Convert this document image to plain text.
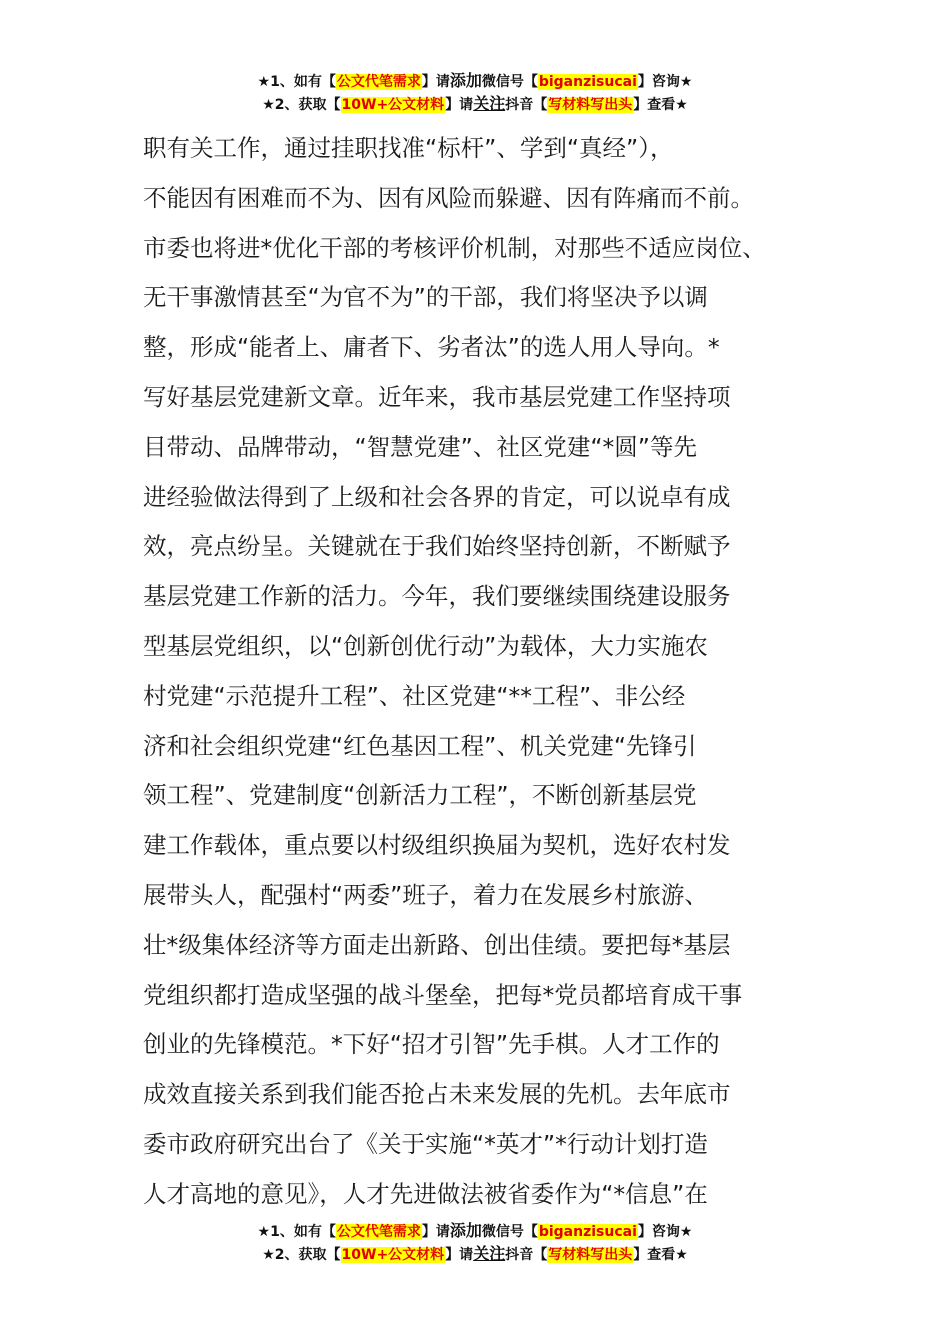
★1、如有【公文代笔需求】请添加微信号【biganzisucai】咨询★
★2、获取【10W+公文材料】请关注抖音【写材料写出头】查看★
职有关工作，通过挂职找准“标杆”、学到“真经”），
不能因有困难而不为、因有风险而躲避、因有阵痛而不前。
市委也将进*优化干部的考核评价机制，对那些不适应岗位、
无干事激情甚至“为官不为”的干部，我们将坚决予以调
整，形成“能者上、庸者下、劣者汰”的选人用人导向。*
写好基层党建新文章。近年来，我市基层党建工作坚持项
目带动、品牌带动，“智慧党建”、社区党建“*圆”等先
进经验做法得到了上级和社会各界的肯定，可以说卓有成
效，亮点纷呈。关键就在于我们始终坚持创新，不断赋予
基层党建工作新的活力。今年，我们要继续围绕建设服务
型基层党组织，以“创新创优行动”为载体，大力实施农
村党建“示范提升工程”、社区党建“**工程”、非公经
济和社会组织党建“红色基因工程”、机关党建“先锋引
领工程”、党建制度“创新活力工程”，不断创新基层党
建工作载体，重点要以村级组织换届为契机，选好农村发
展带头人，配强村“两委”班子，着力在发展乡村旅游、
壮*级集体经济等方面走出新路、创出佳绩。要把每*基层
党组织都打造成坚强的战斗堡垒，把每*党员都培育成干事
创业的先锋模范。*下好“招才引智”先手棋。人才工作的
成效直接关系到我们能否抢占未来发展的先机。去年底市
委市政府研究出台了《关于实施“*英才”*行动计划打造
人才高地的意见》，人才先进做法被省委作为“*信息”在
★1、如有【公文代笔需求】请添加微信号【biganzisucai】咨询★
★2、获取【10W+公文材料】请关注抖音【写材料写出头】查看★
